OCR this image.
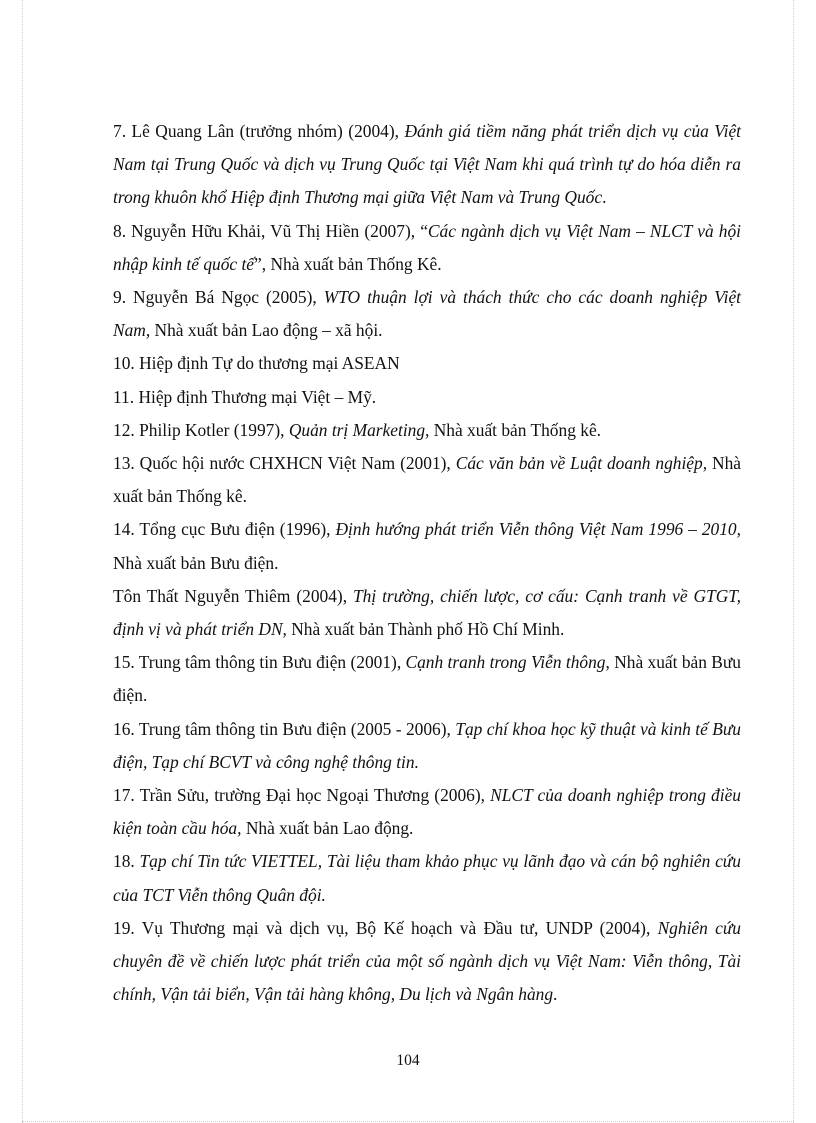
7. Lê Quang Lân (trưởng nhóm) (2004), Đánh giá tiềm năng phát triển dịch vụ của Việt Nam tại Trung Quốc và dịch vụ Trung Quốc tại Việt Nam khi quá trình tự do hóa diễn ra trong khuôn khổ Hiệp định Thương mại giữa Việt Nam và Trung Quốc.

8. Nguyễn Hữu Khải, Vũ Thị Hiền (2007), “Các ngành dịch vụ Việt Nam – NLCT và hội nhập kinh tế quốc tế”, Nhà xuất bản Thống Kê.

9. Nguyễn Bá Ngọc (2005), WTO thuận lợi và thách thức cho các doanh nghiệp Việt Nam, Nhà xuất bản Lao động – xã hội.

10. Hiệp định Tự do thương mại ASEAN

11. Hiệp định Thương mại Việt – Mỹ.

12. Philip Kotler (1997), Quản trị Marketing, Nhà xuất bản Thống kê.

13. Quốc hội nước CHXHCN Việt Nam (2001), Các văn bản về Luật doanh nghiệp, Nhà xuất bản Thống kê.

14. Tổng cục Bưu điện (1996), Định hướng phát triển Viễn thông Việt Nam 1996 – 2010, Nhà xuất bản Bưu điện.

Tôn Thất Nguyễn Thiêm (2004), Thị trường, chiến lược, cơ cấu: Cạnh tranh về GTGT, định vị và phát triển DN, Nhà xuất bản Thành phố Hồ Chí Minh.

15. Trung tâm thông tin Bưu điện (2001), Cạnh tranh trong Viễn thông, Nhà xuất bản Bưu điện.

16. Trung tâm thông tin Bưu điện (2005 - 2006), Tạp chí khoa học kỹ thuật và kinh tế Bưu điện, Tạp chí BCVT và công nghệ thông tin.

17. Trần Sửu, trường Đại học Ngoại Thương (2006), NLCT của doanh nghiệp trong điều kiện toàn cầu hóa, Nhà xuất bản Lao động.

18. Tạp chí Tin tức VIETTEL, Tài liệu tham khảo phục vụ lãnh đạo và cán bộ nghiên cứu của TCT Viễn thông Quân đội.

19. Vụ Thương mại và dịch vụ, Bộ Kế hoạch và Đầu tư, UNDP (2004), Nghiên cứu chuyên đề về chiến lược phát triển của một số ngành dịch vụ Việt Nam: Viễn thông, Tài chính, Vận tải biển, Vận tải hàng không, Du lịch và Ngân hàng.

104
